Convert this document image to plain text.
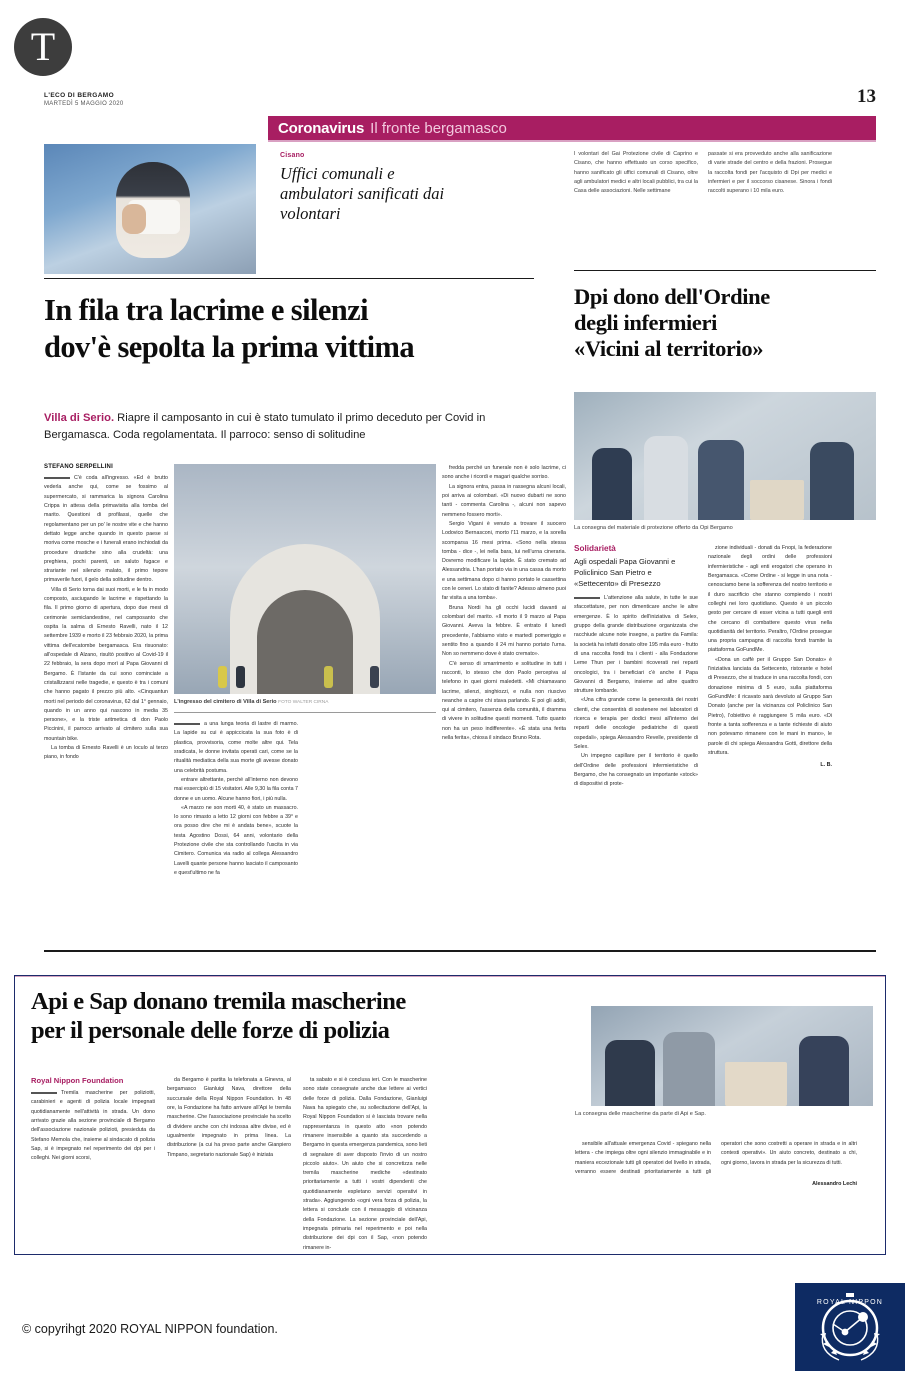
T
L'ECO DI BERGAMO
MARTEDÌ 5 MAGGIO 2020	13
Coronavirus Il fronte bergamasco
Cisano
Uffici comunali e ambulatori sanificati dai volontari

I volontari del Gai Protezione civile di Caprino e Cisano, che hanno effettuato un corso specifico, hanno sanificato gli uffici comunali di Cisano, oltre agli ambulatori medici e altri locali pubblici, tra cui la Casa delle associazioni. Nelle settimane

passate si era provveduto anche alla sanificazione di varie strade del centro e della frazioni. Prosegue la raccolta fondi per l'acquisto di Dpi per medici e infermieri e per il soccorso cisanese. Sinora i fondi raccolti superano i 10 mila euro.

In fila tra lacrime e silenzi
dov'è sepolta la prima vittima
Dpi dono dell'Ordine
degli infermieri
«Vicini al territorio»
Villa di Serio. Riapre il camposanto in cui è stato tumulato il primo deceduto per Covid in Bergamasca. Coda regolamentata. Il parroco: senso di solitudine
La consegna del materiale di protezione offerto da Opi Bergamo
STEFANO SERPELLINI

C'è coda all'ingresso. «Ed è brutto vederla anche qui, come se fossimo al supermercato, si rammarica la signora Carolina Crippa in attesa della primavisita alla tomba del marito. Questioni di profilassi, quelle che regolamentano per un po' le nostre vite e che hanno dettato legge anche quando in questo paese si moriva come mosche e i funerali erano inchiodati da procedure drastiche sino alla crudeltà: una preghiera, pochi parenti, un saluto fugace e strariante nel silenzio malato, il primo tepore primaverile fuori, il gelo della solitudine dentro.

Villa di Serio torna dai suoi morti, e le fa in modo composto, asciugando le lacrime e rispettando la fila. Il primo giorno di apertura, dopo due mesi di cerimonie semiclandestine, nel camposanto che ospita la salma di Ernesto Ravelli, nato il 12 settembre 1939 e morto il 23 febbraio 2020, la prima vittima dell'ecatombe bergamasca. Era risuonato: all'ospedale di Alzano, risultò positivo al Covid-19 il 22 febbraio, la sera dopo morì al Papa Giovanni di Bergamo. È l'istante da cui sono cominciate a cristallizzarsi nelle tragedie, e questo è tra i comuni che hanno pagato il prezzo più alto. «Cinquantun morti nel periodo del coronavirus, 62 dal 1° gennaio, quando in un anno qui nascono in media 35 persone», e la triste aritmetica di don Paolo Piccinini, il parroco arrivato al cimitero sulla sua mountain bike.

La tomba di Ernesto Ravelli è un loculo al terzo piano, in fondo

L'ingresso del cimitero di Villa di Serio FOTO WALTER CIRNA

a una lunga teoria di lastre di marmo. La lapide su cui è appiccicata la sua foto è di plastica, provvisoria, come molte altre qui. Tela sradicata, le donne invitata operati cari, come se la ritualità mediatica della sua morte gli avesse donato una celebrità postuma.

entrare altrettante, perché all'interno non devono mai essercipiù di 15 visitatori. Alle 9,30 la fila conta 7 donne e un uomo. Alcune hanno fiori, i più nulla.

«A marzo ne son morti 40, è stato un massacro. Io sono rimasto a letto 12 giorni con febbre a 39° e ora posso dire che mi è andata bene», scuote la testa Agostino Dossi, 64 anni, volontario della Protezione civile che sta controllando l'uscita in via Cimitero. Comunica via radio al collega Alessandro Lavelli quante persone hanno lasciato il camposanto e quest'ultimo ne fa

fredda perché un funerale non è solo lacrime, ci sono anche i ricordi e magari qualche sorriso.

La signora entra, passa in rassegna alcuni locali, poi arriva ai colombari. «Di nuovo dubarti ne sono tanti - commenta Carolina -, alcuni non sapevo nemmeno fossero morti».

Sergio Vigani è venuto a trovare il suocero Lodovico Bernasconi, morto l'11 marzo, e la sorella scomparsa 16 mesi prima. «Sono nella stessa tomba - dice -, lei nella bara, lui nell'urna cineraria. Dovremo modificare la lapide. È stato cremato ad Alessandria. L'han portato via in una cassa da morto e una settimana dopo ci hanno portato le cassettina con le ceneri. Lo stato di fanite? Adesso almeno puoi far visita a una tomba».

Bruna Nordi ha gli occhi lucidi davanti ai colombari del marito. «Il morto il 9 marzo al Papa Giovanni. Aveva la febbre. È entrato il lunedì precedente, l'abbiamo visto e martedì pomeriggio e sentito fino a quando il 24 mi hanno portato l'urna. Non so nemmeno dove è stato cremato».

C'è senso di smarrimento e solitudine in tutti i racconti, lo stesso che don Paolo percepiva al telefono in quei giorni maledetti. «Mi chiamavano lacrime, silenzi, singhiozzi, e nulla non riuscivo neanche a capire chi stava parlando. E poi gli addii, qui al cimitero, l'assenza della comunità, il dramma di vivere in solitudine questi momenti. Tutto quanto non ha un peso indifferente». «È stata una ferita nella ferita», chiosa il sindaco Bruno Rota.

Solidarietà
Agli ospedali Papa Giovanni e Policlinico San Pietro e «Settecento» di Presezzo

L'attenzione alla salute, in tutte le sue sfaccettature, per non dimenticare anche le altre emergenze. È lo spirito dell'iniziativa di Selex, gruppo della grande distribuzione organizzata che racchiude alcune note insegne, a partire da Famila: la società ha infatti donato oltre 195 mila euro - frutto di una raccolta fondi tra i clienti - alla Fondazione Leme Thun per i bambini ricoverati nei reparti oncologici, tra i beneficiari c'è anche il Papa Giovanni di Bergamo, insieme ad altre quattro strutture lombarde.

«Una cifra grande come la generosità dei nostri clienti, che consentirà di sostenere nei laboratori di ricerca e terapia per dodici mesi all'interno dei reparti delle oncologie pediatriche di questi ospedali», spiega Alessandro Revelle, presidente di Selex.

Un impegno capillare per il territorio è quello dell'Ordine delle professioni infermieristiche di Bergamo, che ha consegnato un importante «stock» di dispositivi di prote-

zione individuali - donati da Fnopi, la federazione nazionale degli ordini delle professioni infermieristiche - agli enti erogatori che operano in Bergamasca. «Come Ordine - si legge in una nota - cenosciamo bene la sofferenza del nostro territorio e il duro sacrificio che stanno compiendo i nostri colleghi nei loro quotidiano. Questo è un piccolo gesto per cercare di esser vicina a tutti quegli enti che cercano di combattere questo virus nella quotidianità del territorio. Peraltro, l'Ordine prosegue una propria campagna di raccolta fondi tramite la piattaforma GoFundMe.

«Dona un caffè per il Gruppo San Donato» è l'iniziativa lanciata da Settecento, ristorante e hotel di Presezzo, che si traduce in una raccolta fondi, con donazione minima di 5 euro, sulla piattaforma GoFundMe: il ricavato sarà devoluto al Gruppo San Donato (anche per la vicinanza col Policlinico San Pietro), l'obiettivo è raggiungere 5 mila euro. «Di fronte a tanta sofferenza e a tante richieste di aiuto non potevamo rimanere con le mani in mano», le parole di chi spiega Alessandra Gotti, direttore della struttura.

L. B.
Api e Sap donano tremila mascherine
per il personale delle forze di polizia
La consegna delle mascherine da parte di Api e Sap.
Royal Nippon Foundation

Tremila mascherine per poliziotti, carabinieri e agenti di polizia locale impegnati quotidianamente nell'attività in strada. Un dono arrivato grazie alla sezione provinciale di Bergamo dell'associazione nazionale polizioti, presieduta da Stefano Memola che, insieme al sindacato di polizia Sap, si è impegnato nel reperimento dei dpi per i colleghi. Nei giorni scorsi,

da Bergamo è partita la telefonata a Ginevra, al bergamasco Gianluigi Nava, direttore della succursale della Royal Nippon Foundation. In 48 ore, la Fondazione ha fatto arrivare all'Api le tremila mascherine. Che l'associazione provinciale ha scelto di dividere anche con chi indossa altre divise, ed è ugualmente impegnato in prima linea. La distribuzione (a cui ha preso parte anche Gianpiero Timpano, segretario nazionale Sap) è iniziata

ta sabato e si è conclusa ieri. Con le mascherine sono state consegnate anche due lettere ai vertici delle forze di polizia. Dalla Fondazione, Gianluigi Nava ha spiegato che, su sollecitazione dell'Api, la Royal Nippon Foundation si è lasciata trovare nella rappresentanza in questo atto «non potendo rimanere insensibile a quanto sta succedendo a Bergamo in questa emergenza pandemica, sono lieti di segnalare di aver disposto l'invio di un nostro piccolo aiuto». Un aiuto che si concretizza nelle tremila mascherine mediche «destinato prioritariamente a tutti i vostri dipendenti che quotidianamente espletano servizi operativi in strada». Aggiungendo «ogni vera forza di polizia, la lettera si conclude con il messaggio di vicinanza della Fondazione. La sezione provinciale dell'Api, impegnata primaria nel reperimento e poi nella distribuzione dei dpi con il Sap, «non potendo rimanere in-

sensibile all'attuale emergenza Covid - spiegano nella lettera - che impiega oltre ogni silenzio immaginabile e in maniera eccezionale tutti gli operatori del livello in strada, verranno essere destinati prioritariamente a tutti gli operatori che sono costretti a operare in strada e in altri contesti operativi». Un aiuto concreto, destinato a chi, ogni giorno, lavora in strada per la sicurezza di tutti.

Alessandro Lechi
© copyrihgt 2020 ROYAL NIPPON foundation.
ROYAL NIPPON
